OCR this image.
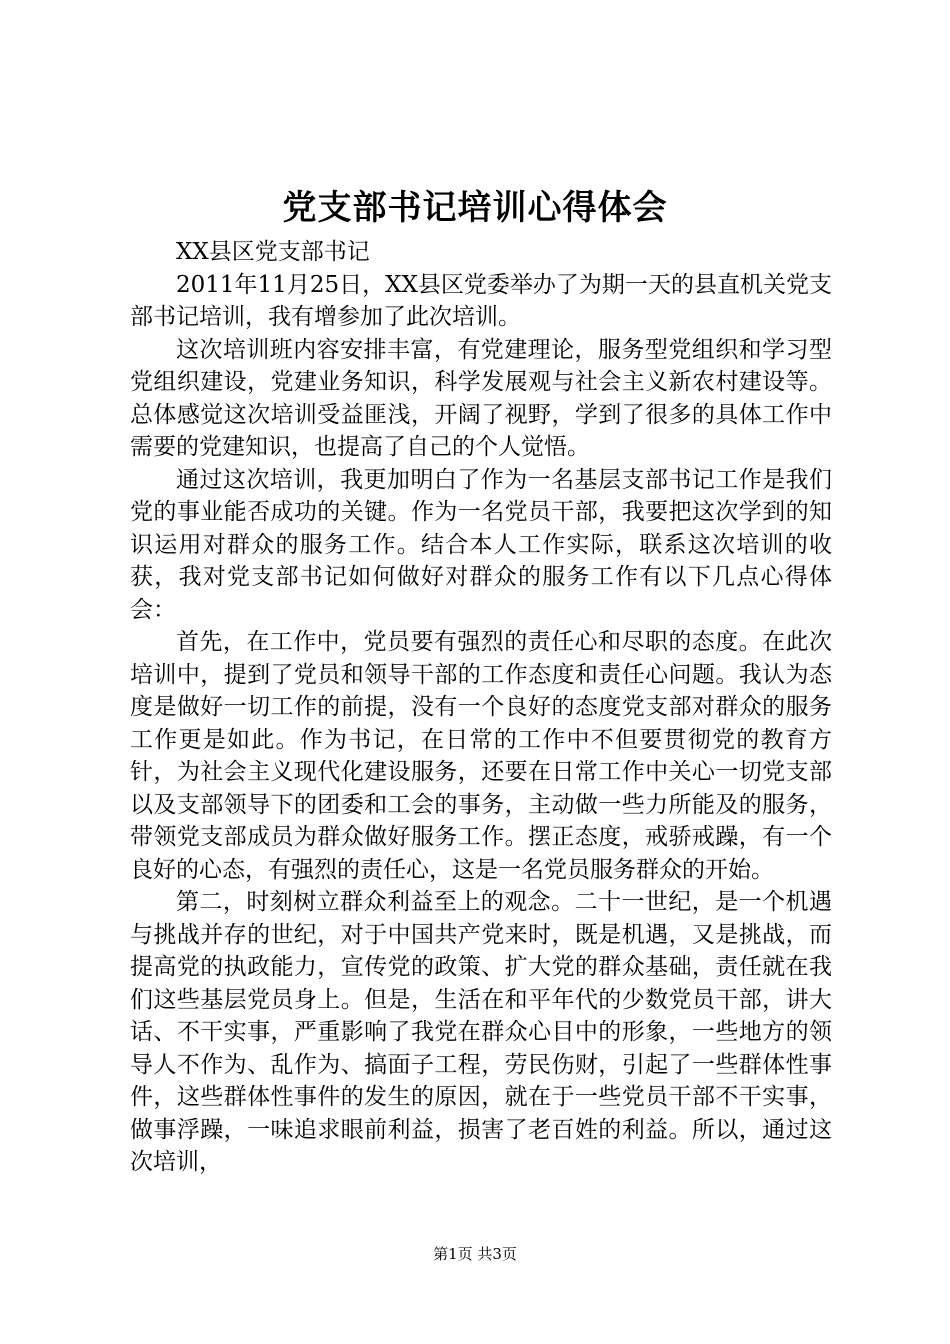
党支部书记培训心得体会

XX县区党支部书记

2011年11月25日，XX县区党委举办了为期一天的县直机关党支部书记培训，我有增参加了此次培训。

这次培训班内容安排丰富，有党建理论，服务型党组织和学习型党组织建设，党建业务知识，科学发展观与社会主义新农村建设等。总体感觉这次培训受益匪浅，开阔了视野，学到了很多的具体工作中需要的党建知识，也提高了自己的个人觉悟。

通过这次培训，我更加明白了作为一名基层支部书记工作是我们党的事业能否成功的关键。作为一名党员干部，我要把这次学到的知识运用对群众的服务工作。结合本人工作实际，联系这次培训的收获，我对党支部书记如何做好对群众的服务工作有以下几点心得体会：

首先，在工作中，党员要有强烈的责任心和尽职的态度。在此次培训中，提到了党员和领导干部的工作态度和责任心问题。我认为态度是做好一切工作的前提，没有一个良好的态度党支部对群众的服务工作更是如此。作为书记，在日常的工作中不但要贯彻党的教育方针，为社会主义现代化建设服务，还要在日常工作中关心一切党支部以及支部领导下的团委和工会的事务，主动做一些力所能及的服务，带领党支部成员为群众做好服务工作。摆正态度，戒骄戒躁，有一个良好的心态，有强烈的责任心，这是一名党员服务群众的开始。

第二，时刻树立群众利益至上的观念。二十一世纪，是一个机遇与挑战并存的世纪，对于中国共产党来时，既是机遇，又是挑战，而提高党的执政能力，宣传党的政策、扩大党的群众基础，责任就在我们这些基层党员身上。但是，生活在和平年代的少数党员干部，讲大话、不干实事，严重影响了我党在群众心目中的形象，一些地方的领导人不作为、乱作为、搞面子工程，劳民伤财，引起了一些群体性事件，这些群体性事件的发生的原因，就在于一些党员干部不干实事，做事浮躁，一味追求眼前利益，损害了老百姓的利益。所以，通过这次培训，

第1页 共3页
